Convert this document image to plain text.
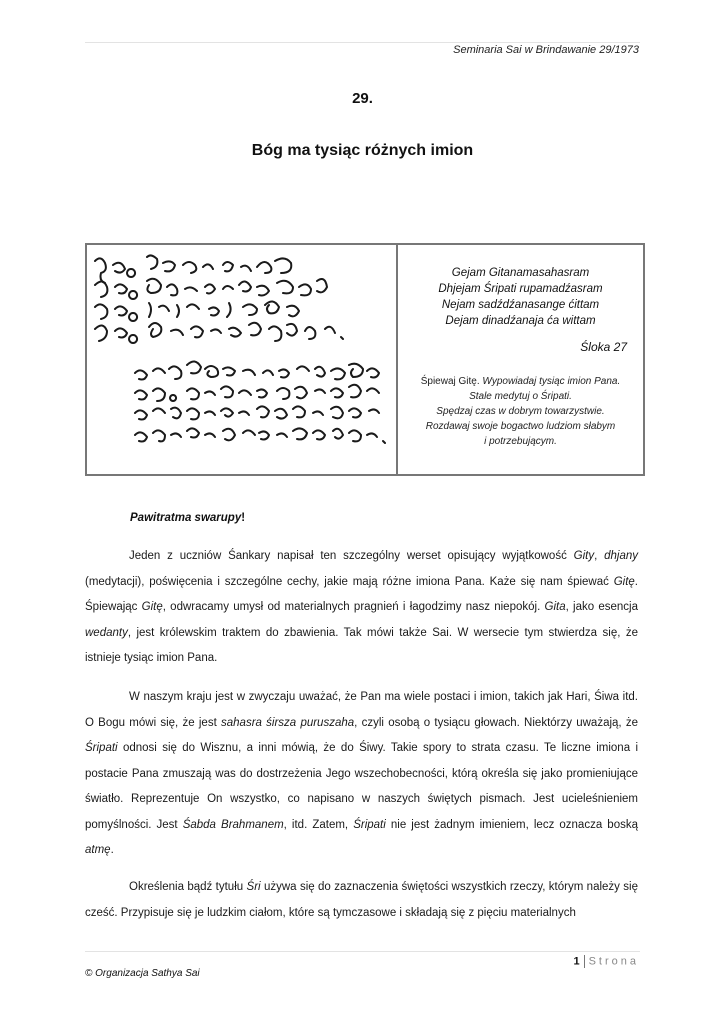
Seminaria Sai w Brindawanie 29/1973
29.
Bóg ma tysiąc różnych imion
Gejam Gitanamasahasram
Dhjejam Śripati rupamadźasram
Nejam sadźdźanasange ćittam
Dejam dinadźanaja ća wittam
Śloka 27
Śpiewaj Gitę. Wypowiadaj tysiąc imion Pana.
Stale medytuj o Śripati.
Spędzaj czas w dobrym towarzystwie.
Rozdawaj swoje bogactwo ludziom słabym
i potrzebującym.
Pawitratma swarupy!
Jeden z uczniów Śankary napisał ten szczególny werset opisujący wyjątkowość Gity, dhjany (medytacji), poświęcenia i szczególne cechy, jakie mają różne imiona Pana. Każe się nam śpiewać Gitę. Śpiewając Gitę, odwracamy umysł od materialnych pragnień i łagodzimy nasz niepokój. Gita, jako esencja wedanty, jest królewskim traktem do zbawienia. Tak mówi także Sai. W wersecie tym stwierdza się, że istnieje tysiąc imion Pana.
W naszym kraju jest w zwyczaju uważać, że Pan ma wiele postaci i imion, takich jak Hari, Śiwa itd. O Bogu mówi się, że jest sahasra śirsza puruszaha, czyli osobą o tysiącu głowach. Niektórzy uważają, że Śripati odnosi się do Wisznu, a inni mówią, że do Śiwy. Takie spory to strata czasu. Te liczne imiona i postacie Pana zmuszają was do dostrzeżenia Jego wszechobecności, którą określa się jako promieniujące światło. Reprezentuje On wszystko, co napisano w naszych świętych pismach. Jest ucieleśnieniem pomyślności. Jest Śabda Brahmanem, itd. Zatem, Śripati nie jest żadnym imieniem, lecz oznacza boską atmę.
Określenia bądź tytułu Śri używa się do zaznaczenia świętości wszystkich rzeczy, którym należy się cześć. Przypisuje się je ludzkim ciałom, które są tymczasowe i składają się z pięciu materialnych
1 Strona
© Organizacja Sathya Sai
